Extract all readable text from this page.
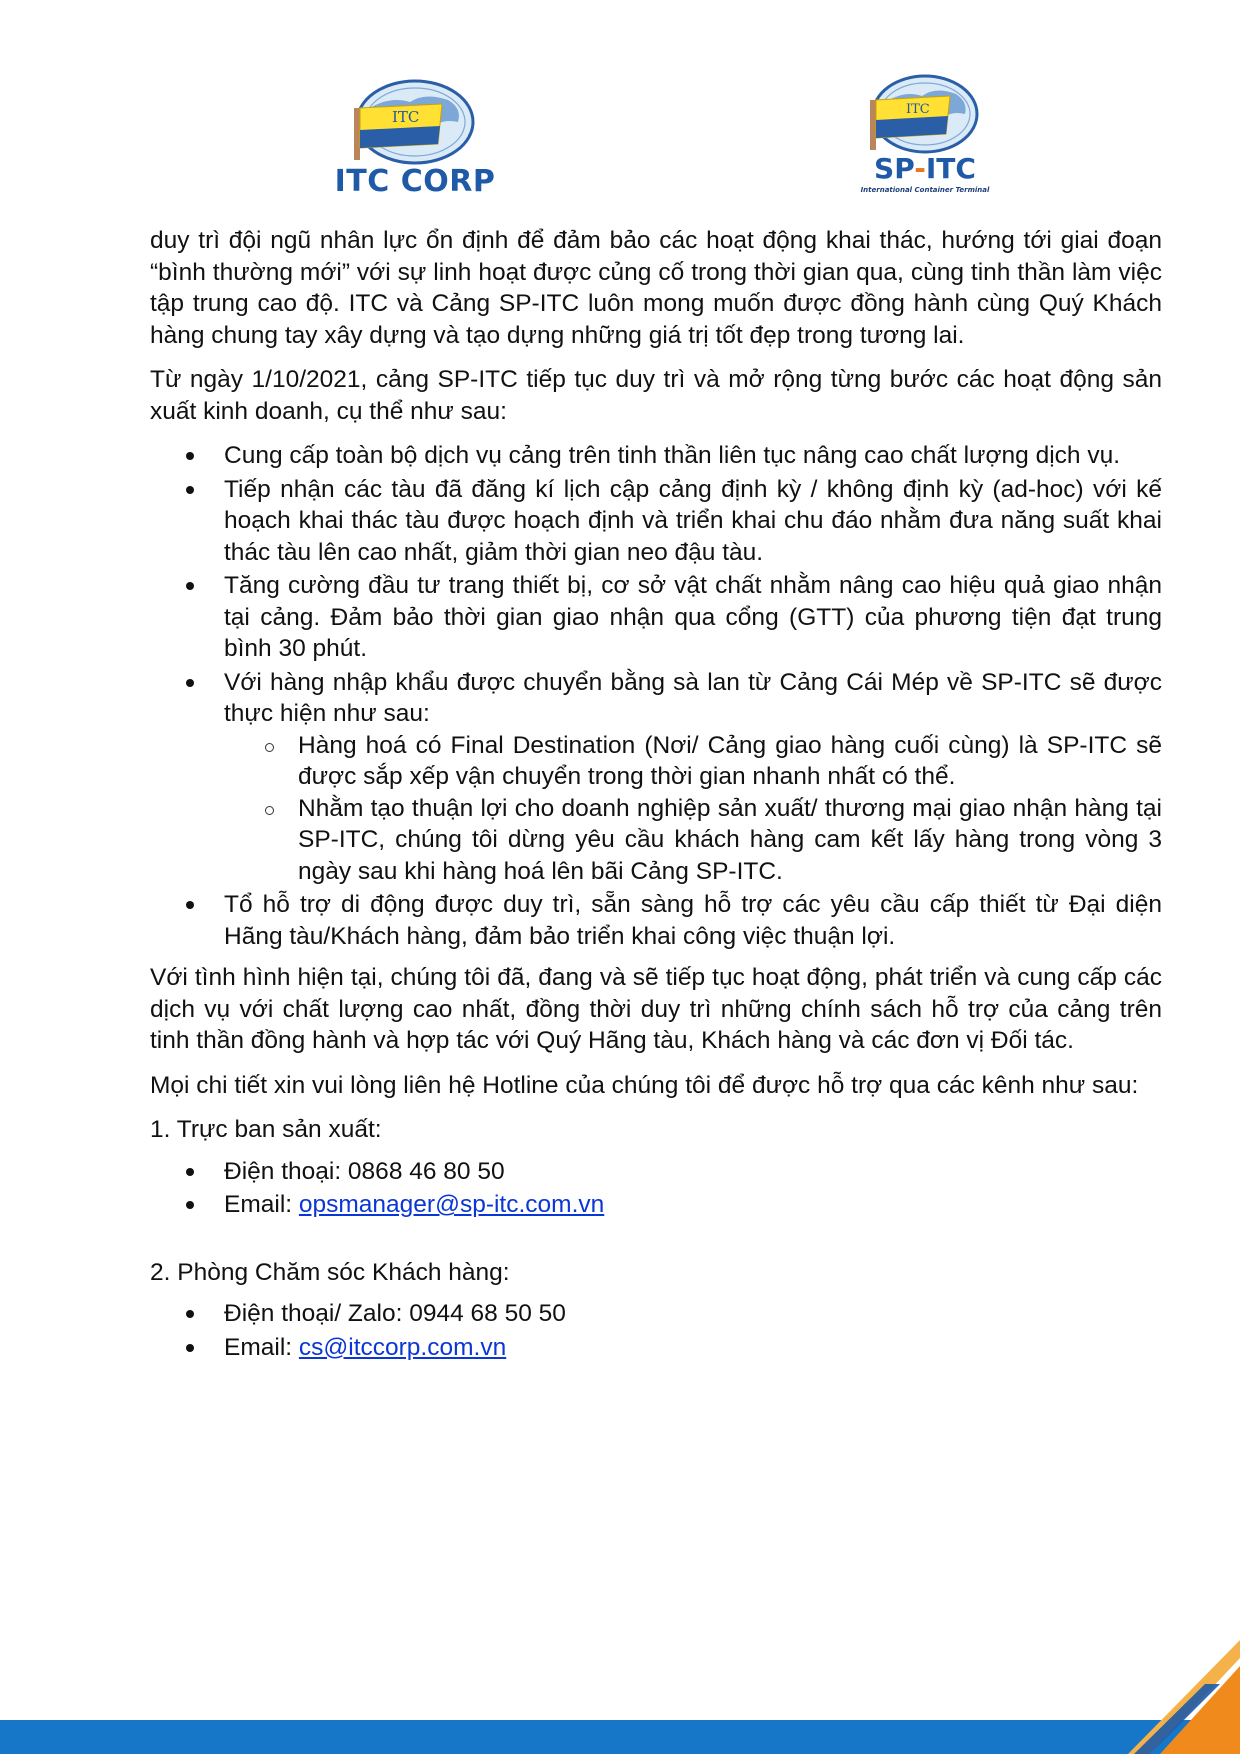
ITC
ITC CORP
ITC
SP-ITC
International Container Terminal

duy trì đội ngũ nhân lực ổn định để đảm bảo các hoạt động khai thác, hướng tới giai đoạn “bình thường mới” với sự linh hoạt được củng cố trong thời gian qua, cùng tinh thần làm việc tập trung cao độ. ITC và Cảng SP-ITC luôn mong muốn được đồng hành cùng Quý Khách hàng chung tay xây dựng và tạo dựng những giá trị tốt đẹp trong tương lai.

Từ ngày 1/10/2021, cảng SP-ITC tiếp tục duy trì và mở rộng từng bước các hoạt động sản xuất kinh doanh, cụ thể như sau:

Cung cấp toàn bộ dịch vụ cảng trên tinh thần liên tục nâng cao chất lượng dịch vụ.
Tiếp nhận các tàu đã đăng kí lịch cập cảng định kỳ / không định kỳ (ad-hoc) với kế hoạch khai thác tàu được hoạch định và triển khai chu đáo nhằm đưa năng suất khai thác tàu lên cao nhất, giảm thời gian neo đậu tàu.
Tăng cường đầu tư trang thiết bị, cơ sở vật chất nhằm nâng cao hiệu quả giao nhận tại cảng. Đảm bảo thời gian giao nhận qua cổng (GTT) của phương tiện đạt trung bình 30 phút.
Với hàng nhập khẩu được chuyển bằng sà lan từ Cảng Cái Mép về SP-ITC sẽ được thực hiện như sau:
Hàng hoá có Final Destination (Nơi/ Cảng giao hàng cuối cùng) là SP-ITC sẽ được sắp xếp vận chuyển trong thời gian nhanh nhất có thể.
Nhằm tạo thuận lợi cho doanh nghiệp sản xuất/ thương mại giao nhận hàng tại SP-ITC, chúng tôi dừng yêu cầu khách hàng cam kết lấy hàng trong vòng 3 ngày sau khi hàng hoá lên bãi Cảng SP-ITC.
Tổ hỗ trợ di động được duy trì, sẵn sàng hỗ trợ các yêu cầu cấp thiết từ Đại diện Hãng tàu/Khách hàng, đảm bảo triển khai công việc thuận lợi.

Với tình hình hiện tại, chúng tôi đã, đang và sẽ tiếp tục hoạt động, phát triển và cung cấp các dịch vụ với chất lượng cao nhất, đồng thời duy trì những chính sách hỗ trợ của cảng trên tinh thần đồng hành và hợp tác với Quý Hãng tàu, Khách hàng và các đơn vị Đối tác.

Mọi chi tiết xin vui lòng liên hệ Hotline của chúng tôi để được hỗ trợ qua các kênh như sau:

1. Trực ban sản xuất:

Điện thoại: 0868 46 80 50
Email: opsmanager@sp-itc.com.vn

2. Phòng Chăm sóc Khách hàng:

Điện thoại/ Zalo: 0944 68 50 50
Email: cs@itccorp.com.vn
